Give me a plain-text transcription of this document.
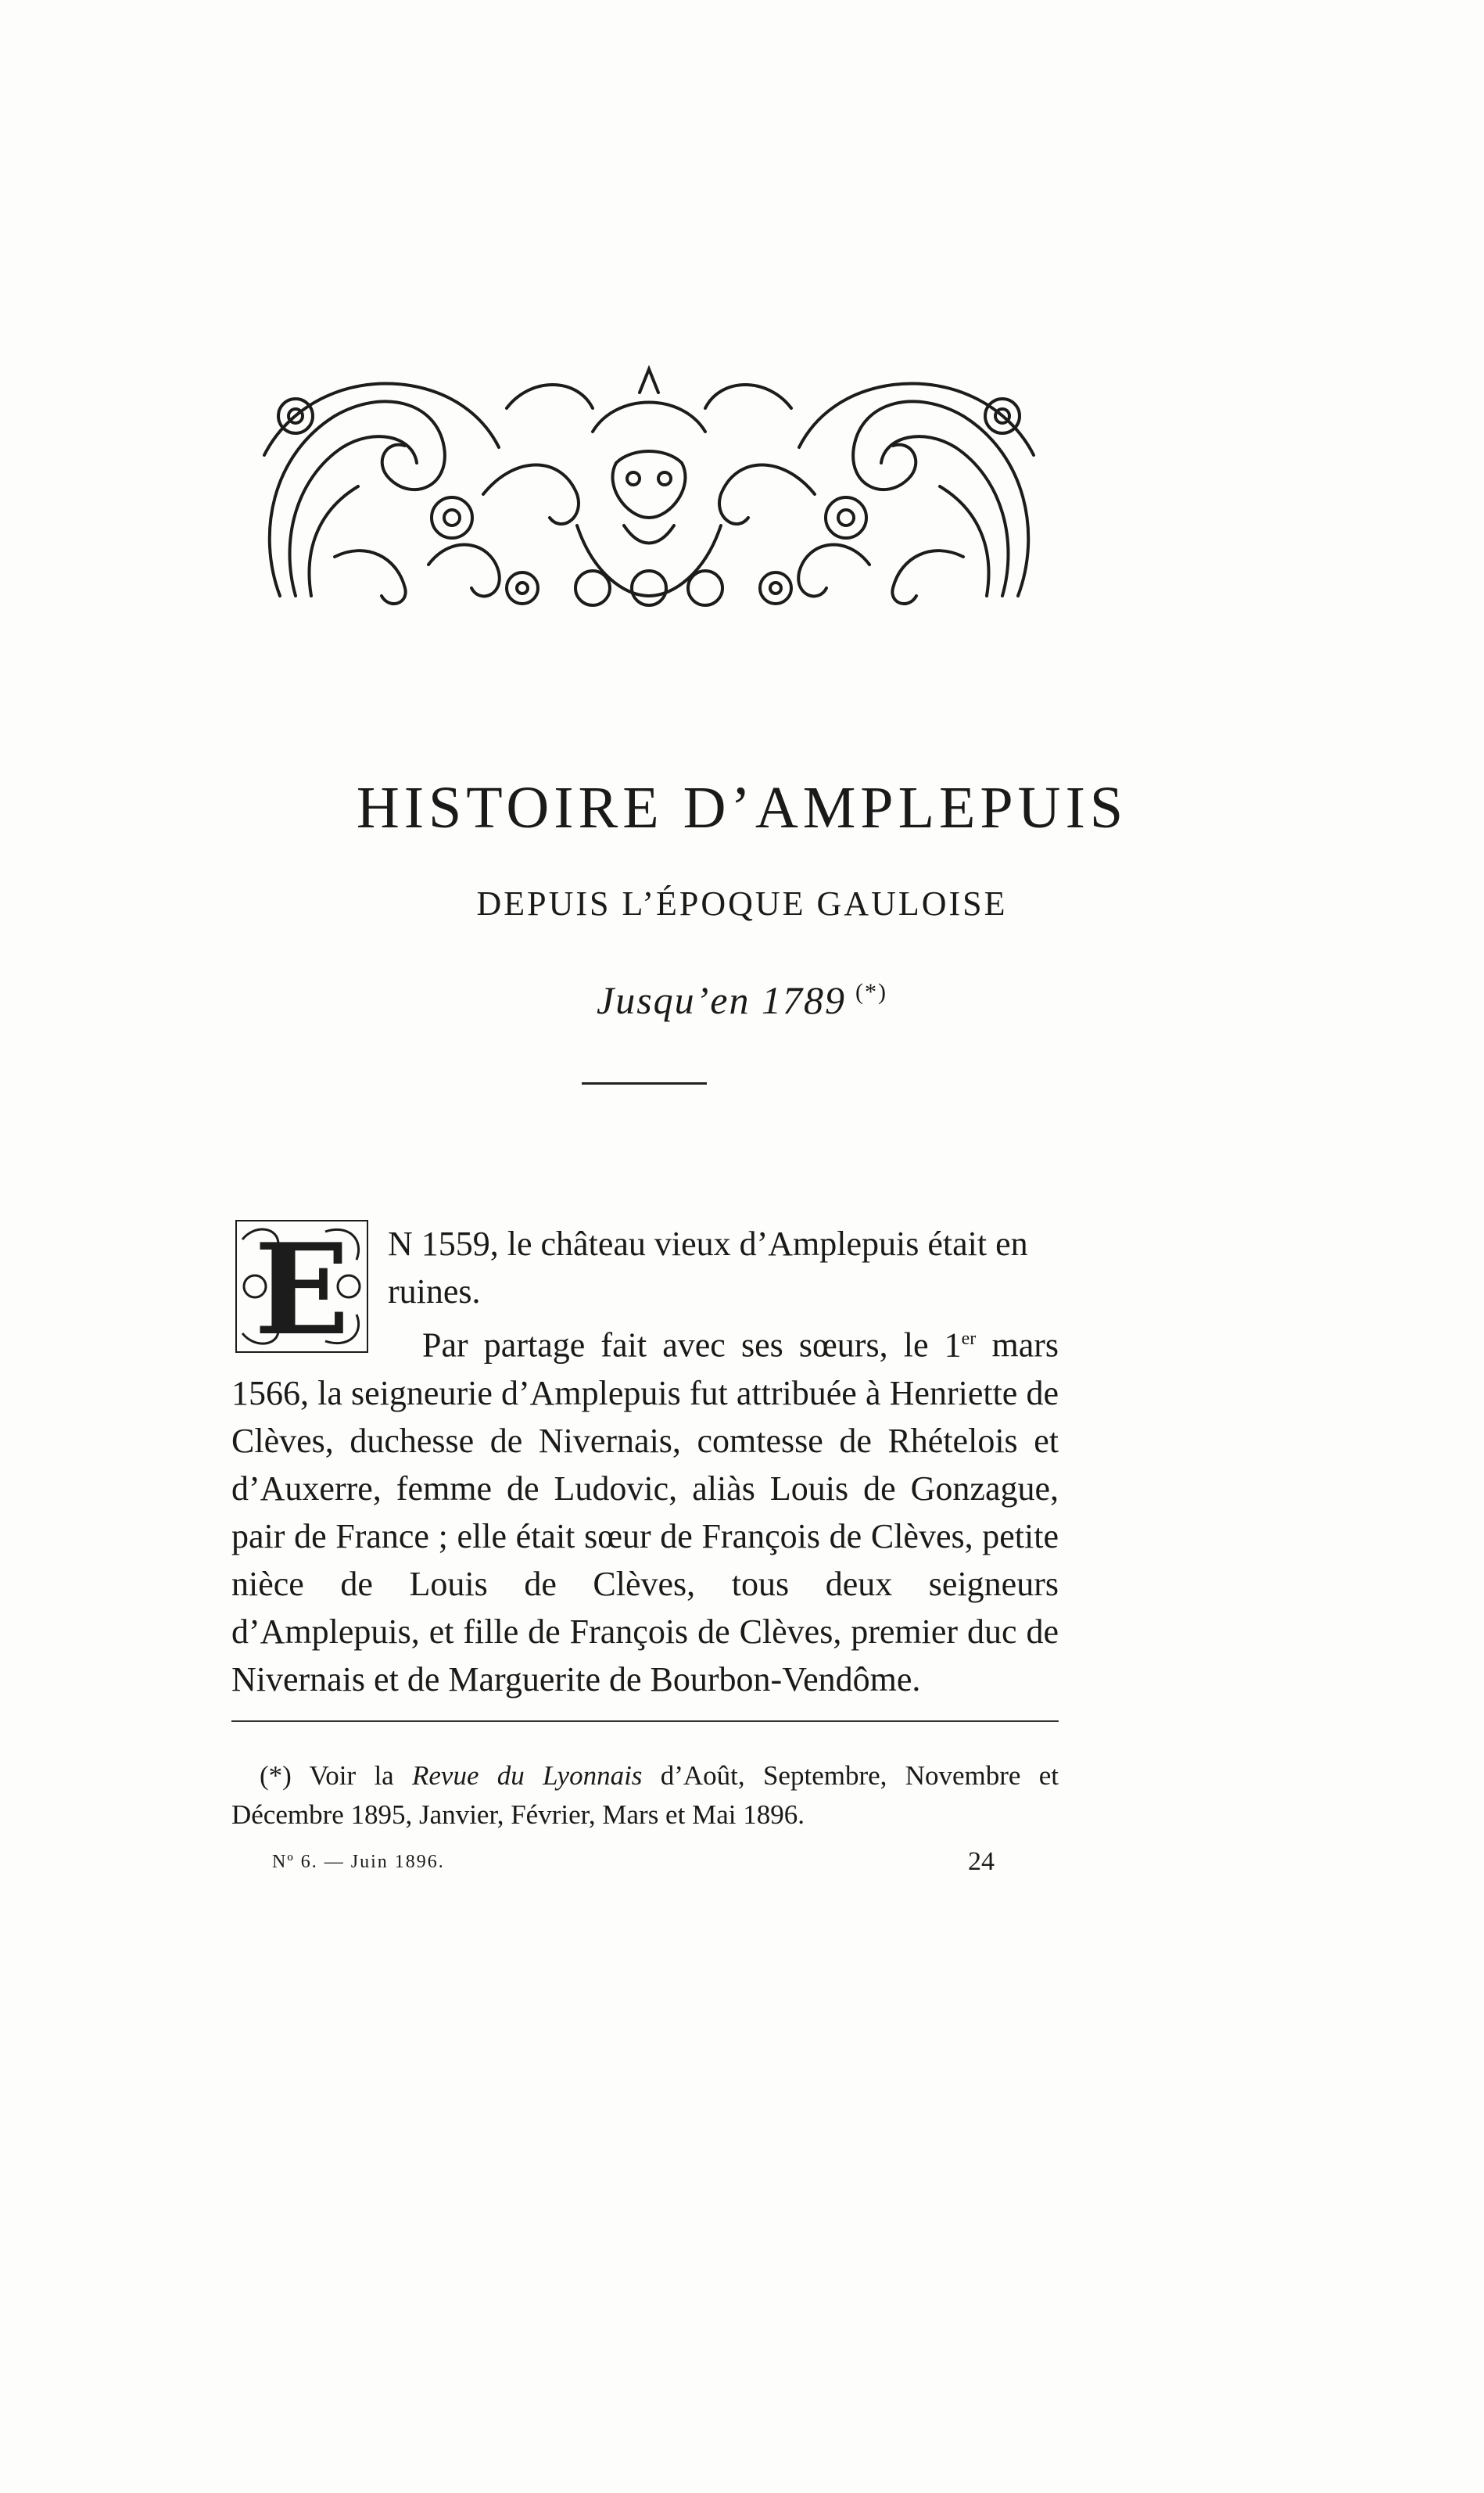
HISTOIRE D’AMPLEPUIS
DEPUIS L’ÉPOQUE GAULOISE
Jusqu’en 1789 (*)
E N 1559, le château vieux d’Amplepuis était en
ruines.

Par partage fait avec ses sœurs, le 1er mars 1566, la seigneurie d’Amplepuis fut attribuée à Henriette de Clèves, duchesse de Nivernais, comtesse de Rhételois et d’Auxerre, femme de Ludovic, aliàs Louis de Gonzague, pair de France ; elle était sœur de François de Clèves, petite nièce de Louis de Clèves, tous deux seigneurs d’Amplepuis, et fille de François de Clèves, premier duc de Nivernais et de Marguerite de Bourbon-Vendôme.

(*) Voir la Revue du Lyonnais d’Août, Septembre, Novembre et Décembre 1895, Janvier, Février, Mars et Mai 1896.

Nº 6. — Juin 1896.	24
